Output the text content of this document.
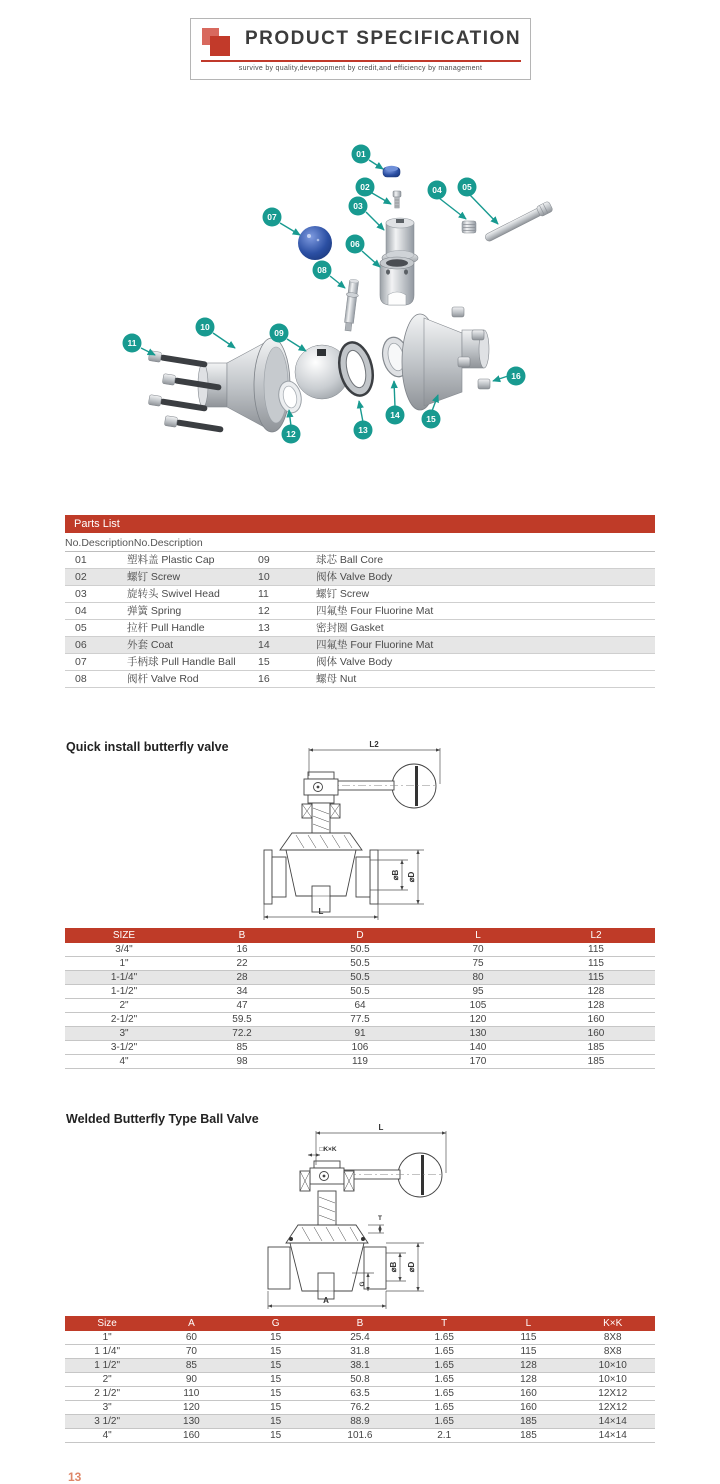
PRODUCT SPECIFICATION
survive by quality,devepopment by credit,and efficiency by management
01
02
03
04 05
06
07
08
09
10
11
12	13
14	15
16
Parts List
No. Description No. Description
01	塑料盖 Plastic Cap	09	球芯 Ball Core
02	螺钉 Screw	10	阀体 Valve Body
03	旋转头 Swivel Head	11	螺钉 Screw
04	弹簧 Spring	12	四氟垫 Four Fluorine Mat
05	拉杆 Pull Handle	13	密封圈 Gasket
06	外套 Coat	14	四氟垫 Four Fluorine Mat
07	手柄球 Pull Handle Ball	15	阀体 Valve Body
08	阀杆 Valve Rod	16	螺母 Nut
Quick install butterfly valve	L2
⌀B ⌀D
L
SIZE	B	D	L	L2
3/4"	16	50.5	70	115
1"	22	50.5	75	115
1-1/4"	28	50.5	80	115
1-1/2"	34	50.5	95	128
2"	47	64	105	128
2-1/2"	59.5	77.5	120	160
3"	72.2	91	130	160
3-1/2"	85	106	140	185
4"	98	119	170	185
Welded Butterfly Type Ball Valve
L
□K×K
T
⌀B ⌀D
G
A
Size	A	G	B	T	L	K×K
1"	60	15	25.4	1.65	115	8X8
1 1/4"	70	15	31.8	1.65	115	8X8
1 1/2"	85	15	38.1	1.65	128	10×10
2"	90	15	50.8	1.65	128	10×10
2 1/2"	110	15	63.5	1.65	160	12X12
3"	120	15	76.2	1.65	160	12X12
3 1/2"	130	15	88.9	1.65	185	14×14
4"	160	15	101.6	2.1	185	14×14
13
